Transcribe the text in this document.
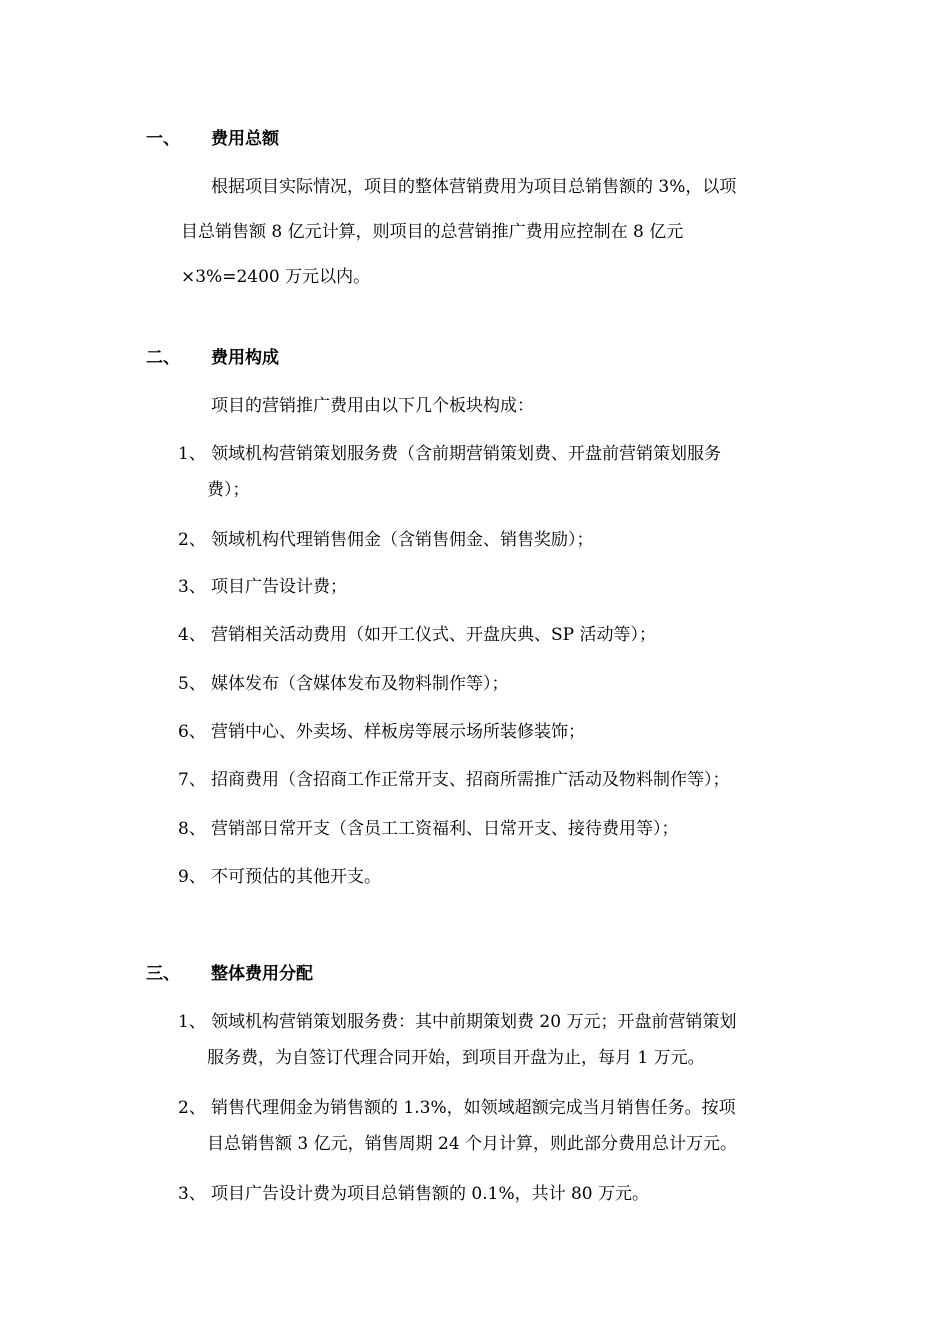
一、 费用总额
根据项目实际情况，项目的整体营销费用为项目总销售额的 3%，以项
目总销售额 8 亿元计算，则项目的总营销推广费用应控制在 8 亿元
×3%=2400 万元以内。
二、 费用构成
项目的营销推广费用由以下几个板块构成：
1、 领域机构营销策划服务费（含前期营销策划费、开盘前营销策划服务
费）；
2、 领域机构代理销售佣金（含销售佣金、销售奖励）；
3、 项目广告设计费；
4、 营销相关活动费用（如开工仪式、开盘庆典、SP 活动等）；
5、 媒体发布（含媒体发布及物料制作等）；
6、 营销中心、外卖场、样板房等展示场所装修装饰；
7、 招商费用（含招商工作正常开支、招商所需推广活动及物料制作等）；
8、 营销部日常开支（含员工工资福利、日常开支、接待费用等）；
9、 不可预估的其他开支。
三、 整体费用分配
1、 领域机构营销策划服务费：其中前期策划费 20 万元；开盘前营销策划
服务费，为自签订代理合同开始，到项目开盘为止，每月 1 万元。
2、 销售代理佣金为销售额的 1.3%，如领域超额完成当月销售任务。按项
目总销售额 3 亿元，销售周期 24 个月计算，则此部分费用总计万元。
3、 项目广告设计费为项目总销售额的 0.1%，共计 80 万元。
